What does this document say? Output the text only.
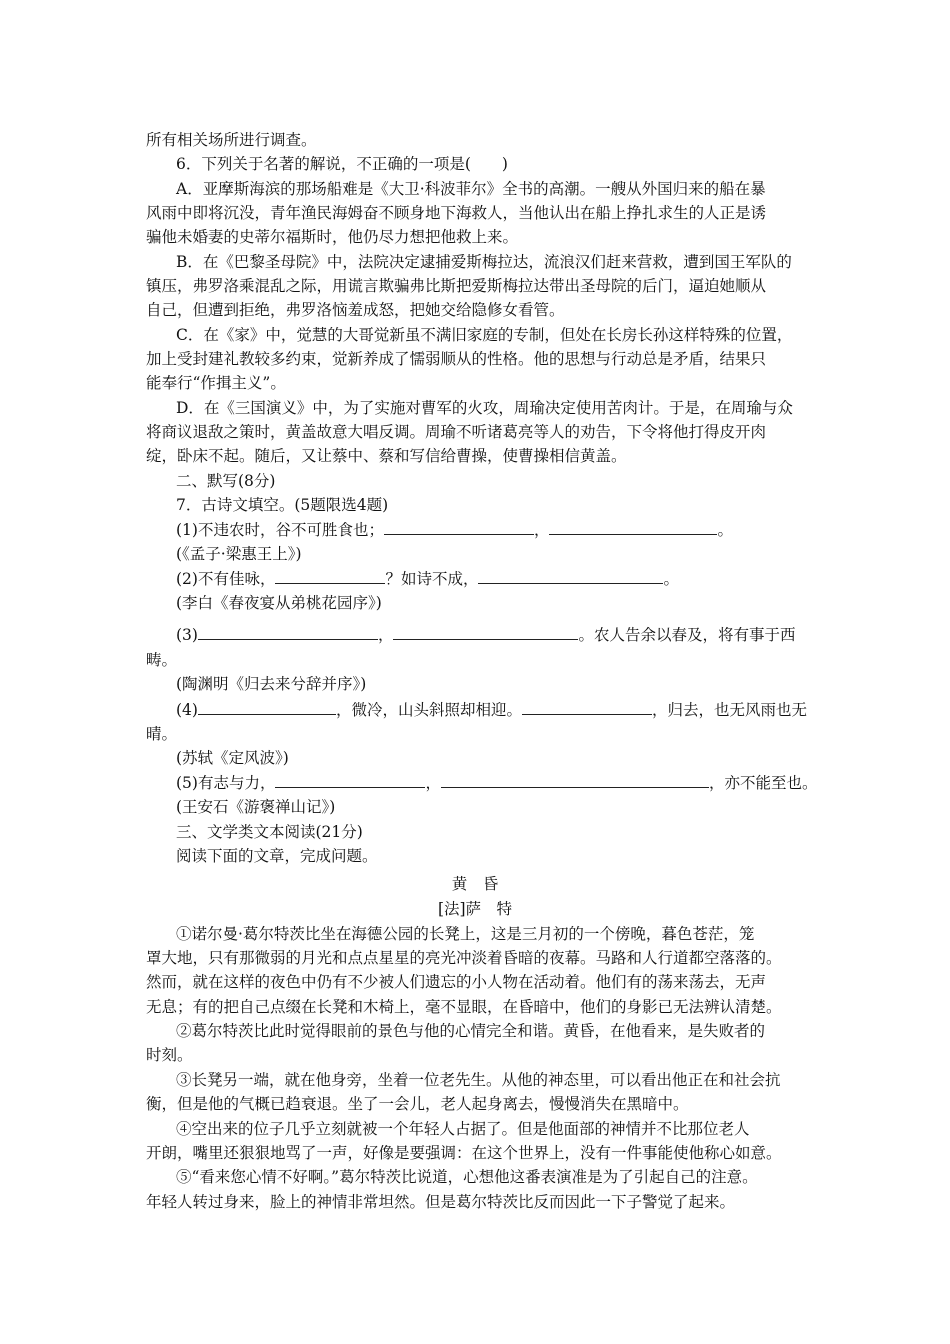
所有相关场所进行调查。
6．下列关于名著的解说，不正确的一项是(　　)
A．亚摩斯海滨的那场船难是《大卫·科波菲尔》全书的高潮。一艘从外国归来的船在暴
风雨中即将沉没，青年渔民海姆奋不顾身地下海救人，当他认出在船上挣扎求生的人正是诱
骗他未婚妻的史蒂尔福斯时，他仍尽力想把他救上来。
B．在《巴黎圣母院》中，法院决定逮捕爱斯梅拉达，流浪汉们赶来营救，遭到国王军队的
镇压，弗罗洛乘混乱之际，用谎言欺骗弗比斯把爱斯梅拉达带出圣母院的后门，逼迫她顺从
自己，但遭到拒绝，弗罗洛恼羞成怒，把她交给隐修女看管。
C．在《家》中，觉慧的大哥觉新虽不满旧家庭的专制，但处在长房长孙这样特殊的位置，
加上受封建礼教较多约束，觉新养成了懦弱顺从的性格。他的思想与行动总是矛盾，结果只
能奉行“作揖主义”。
D．在《三国演义》中，为了实施对曹军的火攻，周瑜决定使用苦肉计。于是，在周瑜与众
将商议退敌之策时，黄盖故意大唱反调。周瑜不听诸葛亮等人的劝告，下令将他打得皮开肉
绽，卧床不起。随后，又让蔡中、蔡和写信给曹操，使曹操相信黄盖。
二、默写(8分)
7．古诗文填空。(5题限选4题)
(1)不违农时，谷不可胜食也；	，	。
(《孟子·梁惠王上》)
(2)不有佳咏，	？如诗不成，	。
(李白《春夜宴从弟桃花园序》)
(3)	，	。农人告余以春及，将有事于西
畴。
(陶渊明《归去来兮辞并序》)
(4)	，微冷，山头斜照却相迎。	，归去，也无风雨也无
晴。
(苏轼《定风波》)
(5)有志与力，	，	，亦不能至也。
(王安石《游褒禅山记》)
三、文学类文本阅读(21分)
阅读下面的文章，完成问题。
黄　昏
[法]萨　特
①诺尔曼·葛尔特茨比坐在海德公园的长凳上，这是三月初的一个傍晚，暮色苍茫，笼
罩大地，只有那微弱的月光和点点星星的亮光冲淡着昏暗的夜幕。马路和人行道都空落落的。
然而，就在这样的夜色中仍有不少被人们遗忘的小人物在活动着。他们有的荡来荡去，无声
无息；有的把自己点缀在长凳和木椅上，毫不显眼，在昏暗中，他们的身影已无法辨认清楚。
②葛尔特茨比此时觉得眼前的景色与他的心情完全和谐。黄昏，在他看来，是失败者的
时刻。
③长凳另一端，就在他身旁，坐着一位老先生。从他的神态里，可以看出他正在和社会抗
衡，但是他的气概已趋衰退。坐了一会儿，老人起身离去，慢慢消失在黑暗中。
④空出来的位子几乎立刻就被一个年轻人占据了。但是他面部的神情并不比那位老人
开朗，嘴里还狠狠地骂了一声，好像是要强调：在这个世界上，没有一件事能使他称心如意。
⑤“看来您心情不好啊。”葛尔特茨比说道，心想他这番表演准是为了引起自己的注意。
年轻人转过身来，脸上的神情非常坦然。但是葛尔特茨比反而因此一下子警觉了起来。
